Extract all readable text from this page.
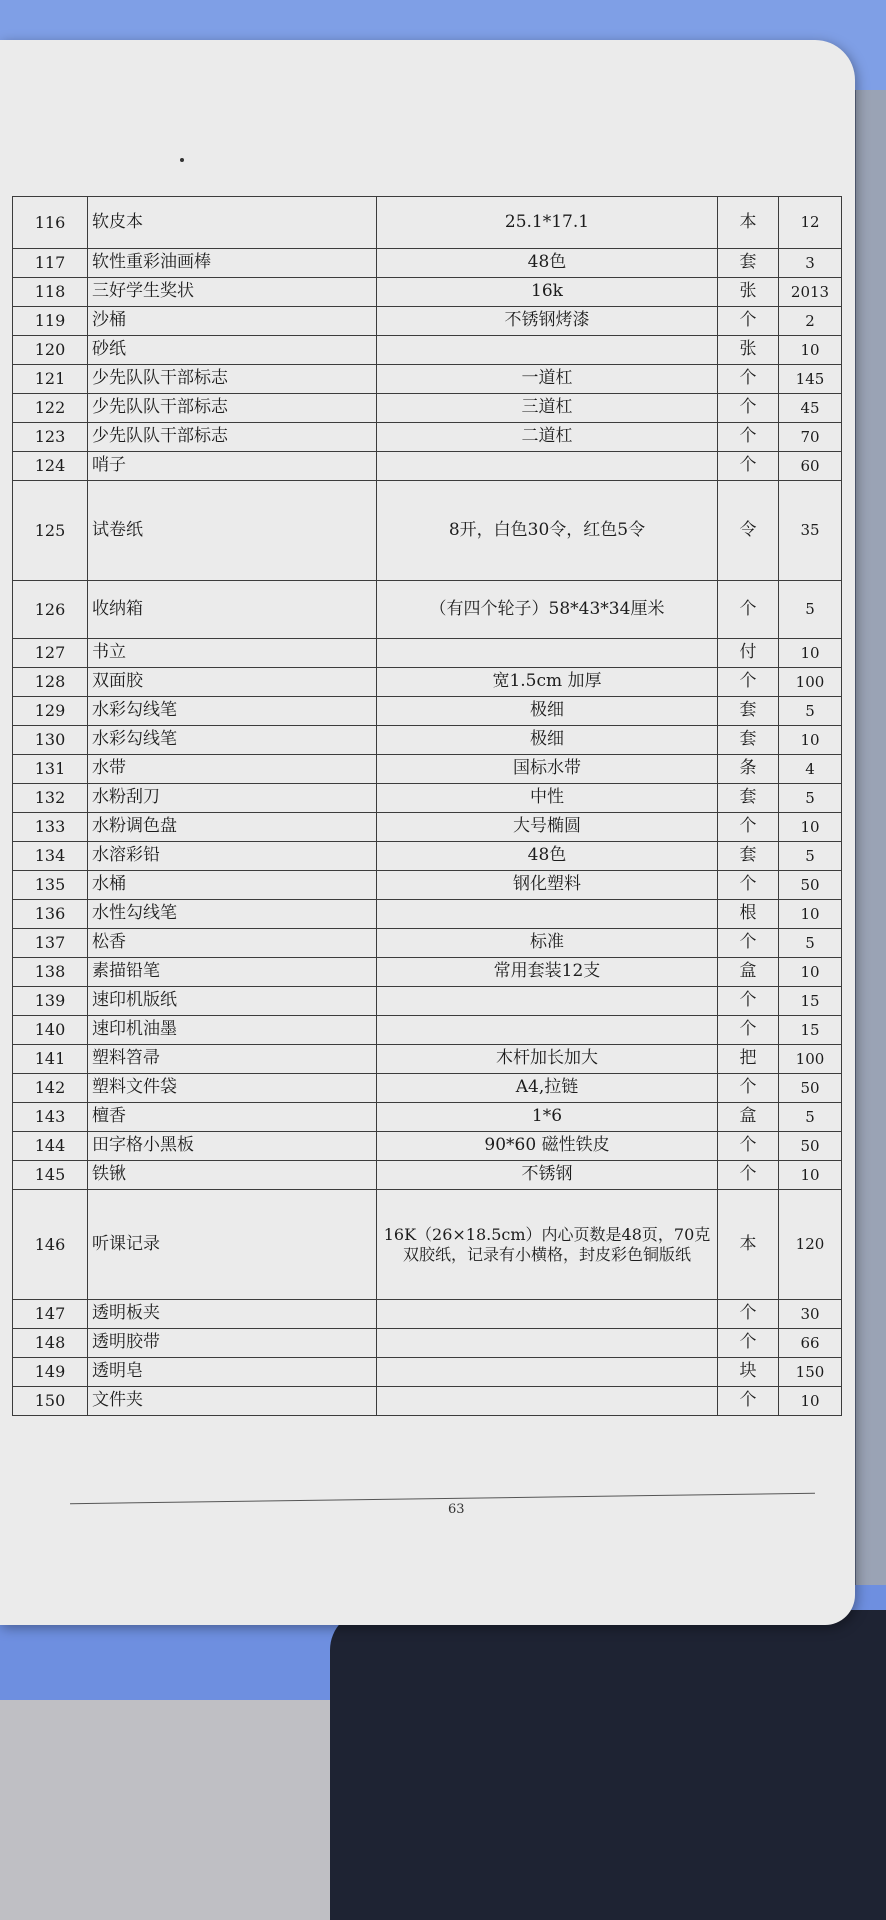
116	软皮本	25.1*17.1	本	12
117	软性重彩油画棒	48色	套	3
118	三好学生奖状	16k	张	2013
119	沙桶	不锈钢烤漆	个	2
120	砂纸		张	10
121	少先队队干部标志	一道杠	个	145
122	少先队队干部标志	三道杠	个	45
123	少先队队干部标志	二道杠	个	70
124	哨子		个	60
125	试卷纸	8开，白色30令，红色5令	令	35
126	收纳箱	（有四个轮子）58*43*34厘米	个	5
127	书立		付	10
128	双面胶	宽1.5cm 加厚	个	100
129	水彩勾线笔	极细	套	5
130	水彩勾线笔	极细	套	10
131	水带	国标水带	条	4
132	水粉刮刀	中性	套	5
133	水粉调色盘	大号椭圆	个	10
134	水溶彩铅	48色	套	5
135	水桶	钢化塑料	个	50
136	水性勾线笔		根	10
137	松香	标准	个	5
138	素描铅笔	常用套装12支	盒	10
139	速印机版纸		个	15
140	速印机油墨		个	15
141	塑料笤帚	木杆加长加大	把	100
142	塑料文件袋	A4,拉链	个	50
143	檀香	1*6	盒	5
144	田字格小黑板	90*60 磁性铁皮	个	50
145	铁锹	不锈钢	个	10
146	听课记录	16K（26×18.5cm）内心页数是48页，70克双胶纸，记录有小横格，封皮彩色铜版纸	本	120
147	透明板夹		个	30
148	透明胶带		个	66
149	透明皂		块	150
150	文件夹		个	10
63
